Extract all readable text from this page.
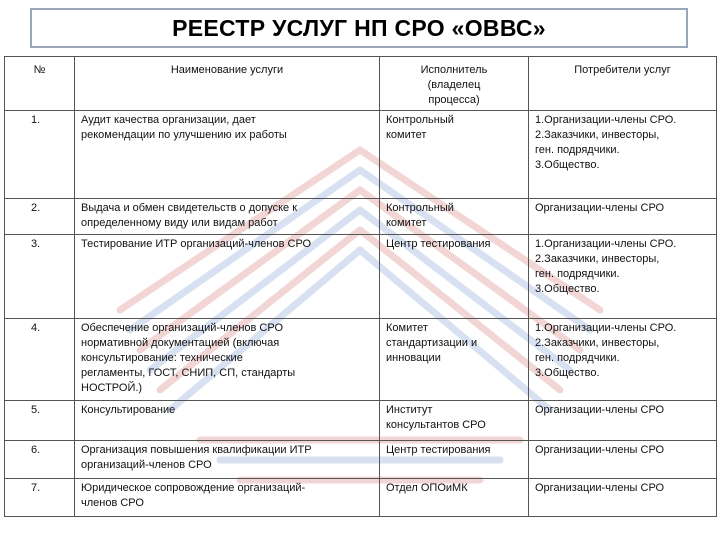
РЕЕСТР УСЛУГ НП СРО «ОВВС»
№	Наименование услуги	Исполнитель
(владелец
процесса)	Потребители услуг
1.	Аудит качества организации, дает
рекомендации по улучшению их работы	Контрольный
комитет	1.Организации-члены СРО.
2.Заказчики, инвесторы,
ген. подрядчики.
3.Общество.
2.	Выдача и обмен свидетельств о допуске к
определенному виду или видам работ	Контрольный
комитет	Организации-члены СРО
3.	Тестирование ИТР организаций-членов СРО	Центр тестирования	1.Организации-члены СРО.
2.Заказчики, инвесторы,
ген. подрядчики.
3.Общество.
4.	Обеспечение организаций-членов СРО
нормативной документацией (включая
консультирование: технические
регламенты, ГОСТ, СНИП, СП, стандарты
НОСТРОЙ.)	Комитет
стандартизации и
инновации	1.Организации-члены СРО.
2.Заказчики, инвесторы,
ген. подрядчики.
3.Общество.
5.	Консультирование	Институт
консультантов СРО	Организации-члены СРО
6.	Организация повышения квалификации ИТР
организаций-членов СРО	Центр тестирования	Организации-члены СРО
7.	Юридическое сопровождение организаций-
членов СРО	Отдел ОПОиМК	Организации-члены СРО
